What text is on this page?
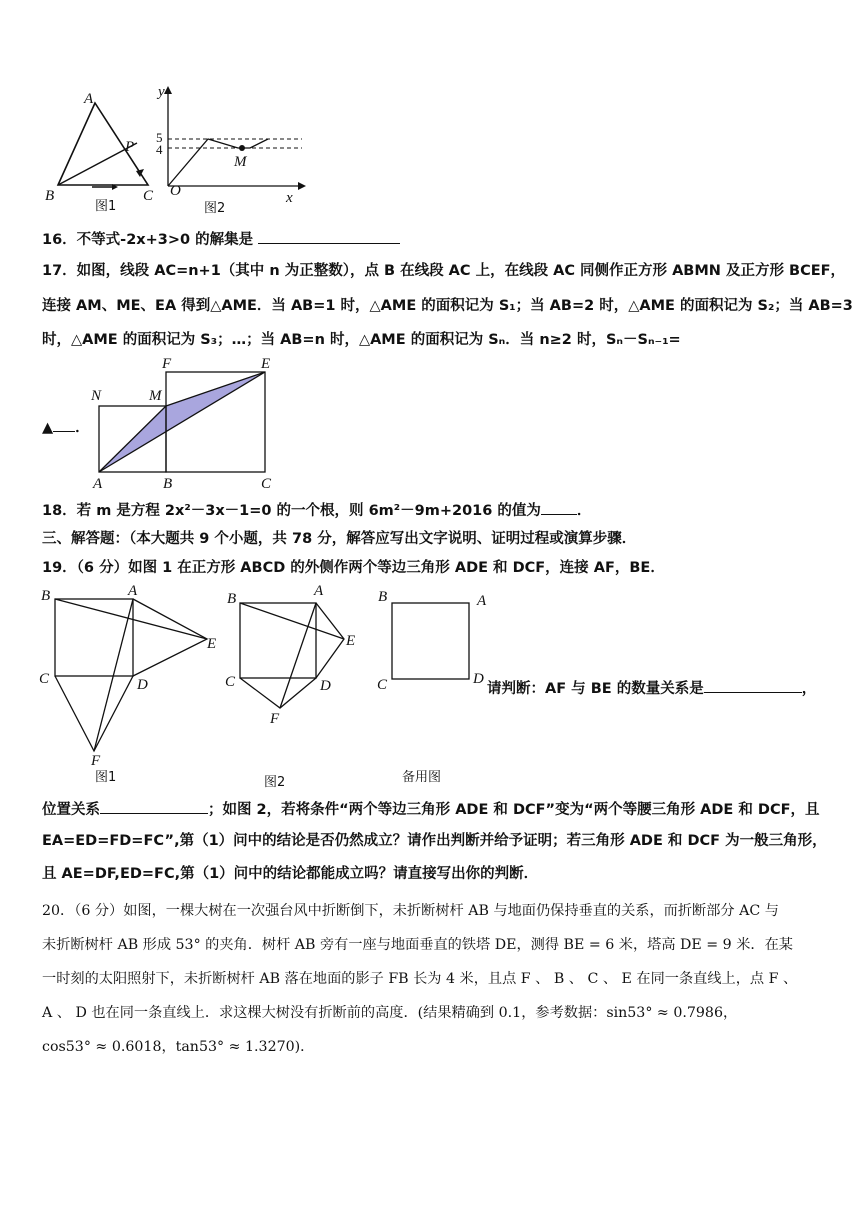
A
B	C
P
图1
y
x
O
M
5
4
图2
16．不等式-2x+3>0 的解集是
17．如图，线段 AC=n+1（其中 n 为正整数），点 B 在线段 AC 上，在线段 AC 同侧作正方形 ABMN 及正方形 BCEF，
连接 AM、ME、EA 得到△AME．当 AB=1 时，△AME 的面积记为 S₁；当 AB=2 时，△AME 的面积记为 S₂；当 AB=3
时，△AME 的面积记为 S₃；…；当 AB=n 时，△AME 的面积记为 Sₙ．当 n≥2 时，Sₙ－Sₙ₋₁=
N	M
F	E
A	B	C
▲ ．
18．若 m 是方程 2x²－3x－1=0 的一个根，则 6m²－9m+2016 的值为 ．
三、解答题：（本大题共 9 个小题，共 78 分，解答应写出文字说明、证明过程或演算步骤．
19．（6 分）如图 1 在正方形 ABCD 的外侧作两个等边三角形 ADE 和 DCF，连接 AF，BE．
B	A
E
C	D
F
图1
B	A
E
C	D
F
图2
B	A
C	D
备用图
请判断：AF 与 BE 的数量关系是	，
位置关系	；如图 2，若将条件“两个等边三角形 ADE 和 DCF”变为“两个等腰三角形 ADE 和 DCF，且
EA=ED=FD=FC”,第（1）问中的结论是否仍然成立？请作出判断并给予证明；若三角形 ADE 和 DCF 为一般三角形，
且 AE=DF,ED=FC,第（1）问中的结论都能成立吗？请直接写出你的判断．
20．（6 分）如图，一棵大树在一次强台风中折断倒下，未折断树杆 AB 与地面仍保持垂直的关系，而折断部分 AC 与
未折断树杆 AB 形成 53° 的夹角．树杆 AB 旁有一座与地面垂直的铁塔 DE，测得 BE = 6 米，塔高 DE = 9 米．在某
一时刻的太阳照射下，未折断树杆 AB 落在地面的影子 FB 长为 4 米，且点 F 、 B 、 C 、 E 在同一条直线上，点 F 、
A 、 D 也在同一条直线上．求这棵大树没有折断前的高度．(结果精确到 0.1，参考数据：sin53° ≈ 0.7986，
cos53° ≈ 0.6018，tan53° ≈ 1.3270)．
